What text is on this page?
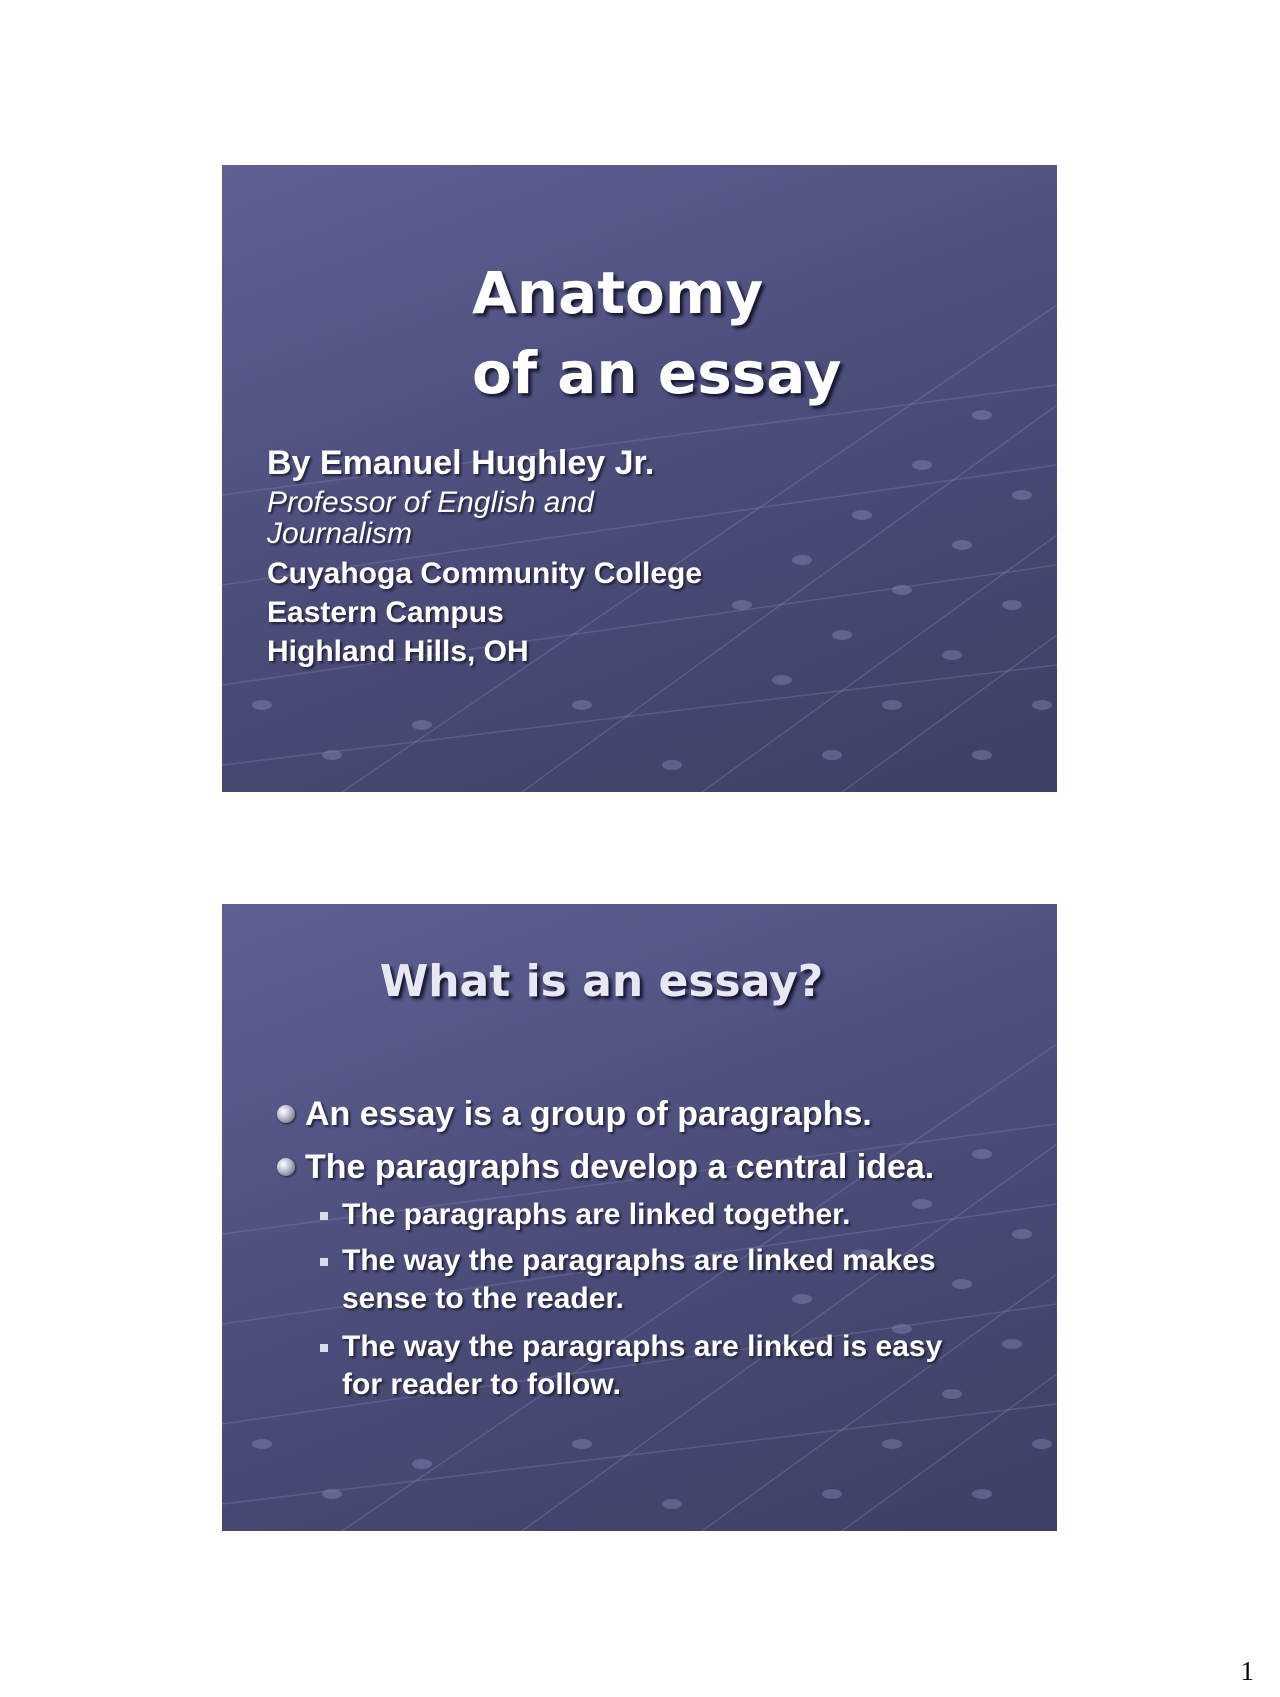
Anatomy
of an essay
By Emanuel Hughley Jr.
Professor of English and
Journalism
Cuyahoga Community College
Eastern Campus
Highland Hills, OH
What is an essay?
An essay is a group of paragraphs.
The paragraphs develop a central idea.
The paragraphs are linked together.
The way the paragraphs are linked makes
sense to the reader.
The way the paragraphs are linked is easy
for reader to follow.
1
